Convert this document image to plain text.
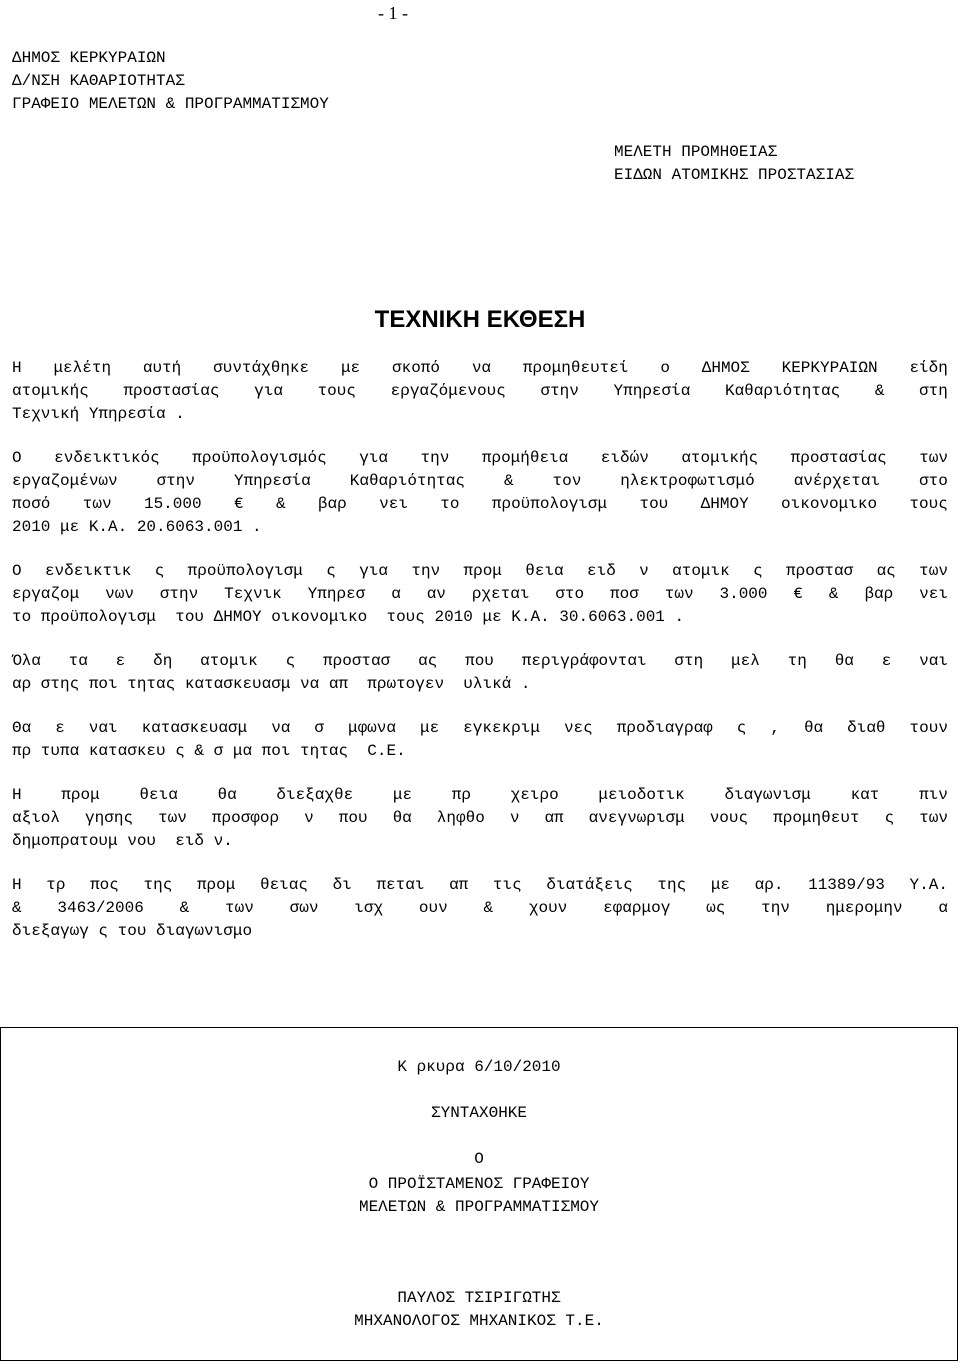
- 1 -
ΔΗΜΟΣ ΚΕΡΚΥΡΑΙΩΝ
Δ/ΝΣΗ ΚΑΘΑΡΙΟΤΗΤΑΣ
ΓΡΑΦΕΙΟ ΜΕΛΕΤΩΝ & ΠΡΟΓΡΑΜΜΑΤΙΣΜΟΥ
ΜΕΛΕΤΗ ΠΡΟΜΗΘΕΙΑΣ
ΕΙΔΩΝ ΑΤΟΜΙΚΗΣ ΠΡΟΣΤΑΣΙΑΣ
ΤΕΧΝΙΚΗ ΕΚΘΕΣΗ
Η μελέτη αυτή συντάχθηκε με σκοπό να προμηθευτεί ο ΔΗΜΟΣ ΚΕΡΚΥΡΑΙΩΝ είδη
ατομικής προστασίας για τους εργαζόμενους στην Υπηρεσία Καθαριότητας & στη
Τεχνική Υπηρεσία .
Ο ενδεικτικός προϋπολογισμός για την προμήθεια ειδών ατομικής προστασίας των
εργαζομένων στην Υπηρεσία Καθαριότητας & τον ηλεκτροφωτισμό ανέρχεται στο
ποσό των 15.000 € & βαρ νει το προϋπολογισμ του ΔΗΜΟΥ οικονομικο τους
2010 με Κ.Α. 20.6063.001 .
Ο ενδεικτικ ς προϋπολογισμ ς για την προμ θεια ειδ ν ατομικ ς προστασ ας των
εργαζομ νων στην Τεχνικ Υπηρεσ α αν ρχεται στο ποσ των 3.000 € & βαρ νει
το προϋπολογισμ  του ΔΗΜΟΥ οικονομικο  τους 2010 με Κ.Α. 30.6063.001 .
Όλα τα ε δη ατομικ ς προστασ ας που περιγράφονται στη μελ τη θα ε ναι
αρ στης ποι τητας κατασκευασμ να απ  πρωτογεν  υλικά .
Θα ε ναι κατασκευασμ να σ μφωνα με εγκεκριμ νες προδιαγραφ ς , θα διαθ τουν
πρ τυπα κατασκευ ς & σ μα ποι τητας  C.E.
Η προμ θεια θα διεξαχθε με πρ χειρο μειοδοτικ διαγωνισμ κατ πιν
αξιολ γησης των προσφορ ν που θα ληφθο ν απ ανεγνωρισμ νους προμηθευτ ς των
δημοπρατουμ νου  ειδ ν.
Η τρ πος της προμ θειας δι πεται απ τις διατάξεις της με αρ. 11389/93 Υ.Α.
& 3463/2006 & των σων ισχ ουν & χουν εφαρμογ ως την ημερομην α
διεξαγωγ ς του διαγωνισμο
Κ ρκυρα 6/10/2010
ΣΥΝΤΑΧΘΗΚΕ
Ο
Ο ΠΡΟΪΣΤΑΜΕΝΟΣ ΓΡΑΦΕΙΟΥ
ΜΕΛΕΤΩΝ & ΠΡΟΓΡΑΜΜΑΤΙΣΜΟΥ
ΠΑΥΛΟΣ ΤΣΙΡΙΓΩΤΗΣ
ΜΗΧΑΝΟΛΟΓΟΣ ΜΗΧΑΝΙΚΟΣ Τ.Ε.
